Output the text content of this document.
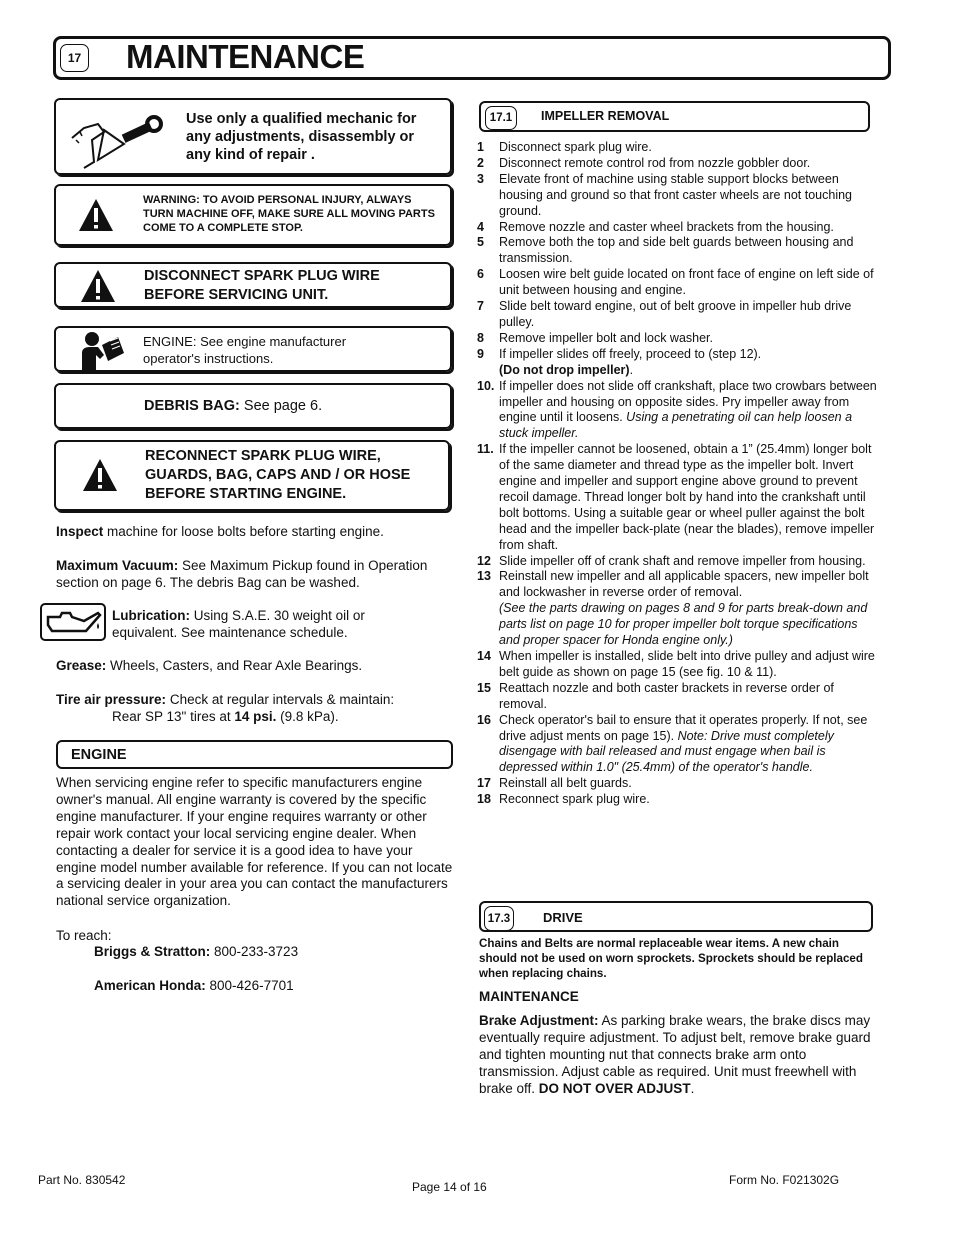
17 MAINTENANCE
Use only a qualified mechanic for any adjustments, disassembly or any kind of repair .
WARNING: TO AVOID PERSONAL INJURY, ALWAYS TURN MACHINE OFF, MAKE SURE ALL MOVING PARTS COME TO A COMPLETE STOP.
DISCONNECT SPARK PLUG WIRE BEFORE SERVICING UNIT.
ENGINE: See engine manufacturer operator's instructions.
DEBRIS BAG: See page 6.
RECONNECT SPARK PLUG WIRE, GUARDS, BAG, CAPS AND / OR HOSE BEFORE STARTING ENGINE.
Inspect machine for loose bolts before starting engine.
Maximum Vacuum: See Maximum Pickup found in Operation section on page 6. The debris Bag can be washed.
Lubrication: Using S.A.E. 30 weight oil or equivalent. See maintenance schedule.
Grease: Wheels, Casters, and Rear Axle Bearings.
Tire air pressure: Check at regular intervals & maintain:
Rear SP 13" tires at 14 psi. (9.8 kPa).
ENGINE
When servicing engine refer to specific manufacturers engine owner's manual. All engine warranty is covered by the specific engine manufacturer. If your engine requires warranty or other repair work contact your local servicing engine dealer. When contacting a dealer for service it is a good idea to have your engine model number available for reference. If you can not locate a servicing dealer in your area you can contact the manufacturers national service organization.
To reach:
Briggs & Stratton: 800-233-3723
American Honda: 800-426-7701
17.1	IMPELLER REMOVAL
1 Disconnect spark plug wire.
2 Disconnect remote control rod from nozzle gobbler door.
3 Elevate front of machine using stable support blocks between housing and ground so that front caster wheels are not touching ground.
4 Remove nozzle and caster wheel brackets from the housing.
5 Remove both the top and side belt guards between housing and transmission.
6 Loosen wire belt guide located on front face of engine on left side of unit between housing and engine.
7 Slide belt toward engine, out of belt groove in impeller hub drive pulley.
8 Remove impeller bolt and lock washer.
9 If impeller slides off freely, proceed to (step 12).
(Do not drop impeller).
10. If impeller does not slide off crankshaft, place two crowbars between impeller and housing on opposite sides. Pry impeller away from engine until it loosens. Using a penetrating oil can help loosen a stuck impeller.
11. If the impeller cannot be loosened, obtain a 1” (25.4mm) longer bolt of the same diameter and thread type as the impeller bolt. Invert engine and impeller and support engine above ground to prevent recoil damage. Thread longer bolt by hand into the crankshaft until bolt bottoms. Using a suitable gear or wheel puller against the bolt head and the impeller back-plate (near the blades), remove impeller from shaft.
12 Slide impeller off of crank shaft and remove impeller from housing.
13 Reinstall new impeller and all applicable spacers, new impeller bolt and lockwasher in reverse order of removal.
(See the parts drawing on pages 8 and 9 for parts break-down and parts list on page 10 for proper impeller bolt torque specifications and proper spacer for Honda engine only.)
14 When impeller is installed, slide belt into drive pulley and adjust wire belt guide as shown on page 15 (see fig. 10 & 11).
15 Reattach nozzle and both caster brackets in reverse order of removal.
16 Check operator's bail to ensure that it operates properly. If not, see drive adjust ments on page 15). Note: Drive must completely disengage with bail released and must engage when bail is depressed within 1.0" (25.4mm) of the operator's handle.
17 Reinstall all belt guards.
18 Reconnect spark plug wire.
17.3	DRIVE
Chains and Belts are normal replaceable wear items. A new chain should not be used on worn sprockets. Sprockets should be replaced when replacing chains.
MAINTENANCE
Brake Adjustment: As parking brake wears, the brake discs may eventually require adjustment. To adjust belt, remove brake guard and tighten mounting nut that connects brake arm onto transmission. Adjust cable as required. Unit must freewhell with brake off. DO NOT OVER ADJUST.
Part No. 830542	Page 14 of 16	Form No. F021302G
